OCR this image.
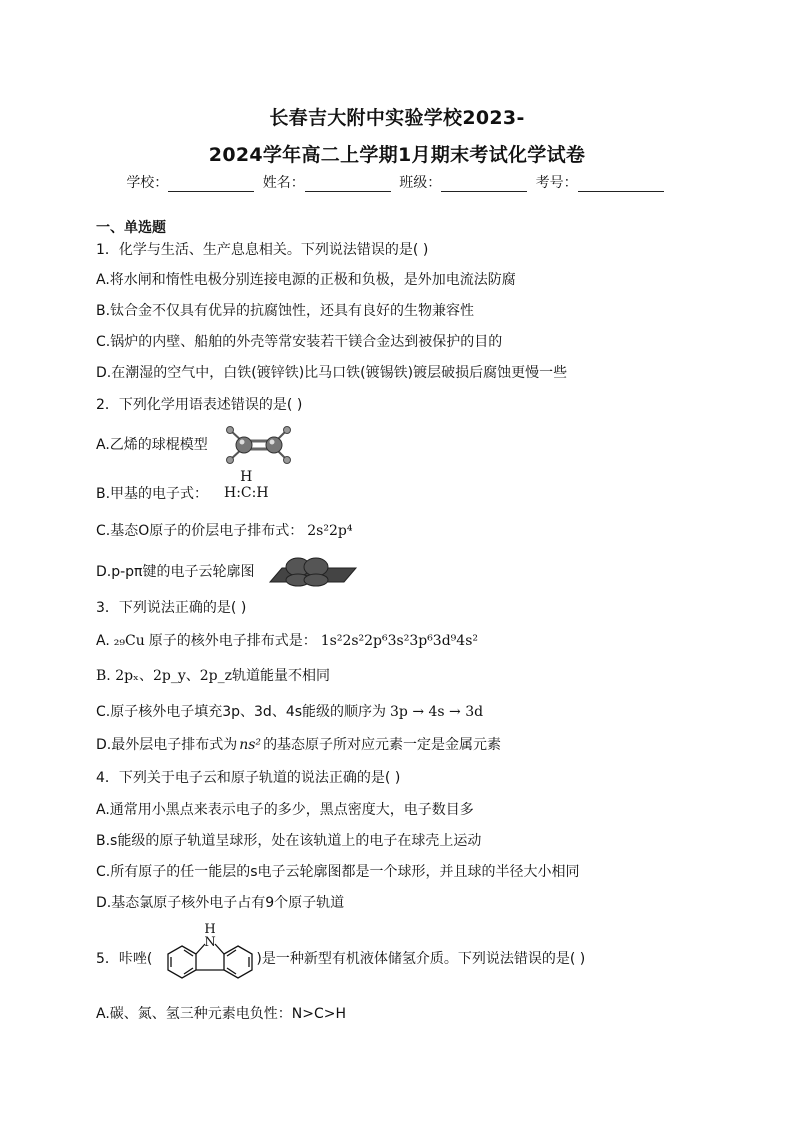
长春吉大附中实验学校2023-
2024学年高二上学期1月期末考试化学试卷
学校：	姓名：	班级：	考号：
一、单选题
1．化学与生活、生产息息相关。下列说法错误的是( )
A.将水闸和惰性电极分别连接电源的正极和负极，是外加电流法防腐
B.钛合金不仅具有优异的抗腐蚀性，还具有良好的生物兼容性
C.锅炉的内壁、船舶的外壳等常安装若干镁合金达到被保护的目的
D.在潮湿的空气中，白铁(镀锌铁)比马口铁(镀锡铁)镀层破损后腐蚀更慢一些
2．下列化学用语表述错误的是( )
A.乙烯的球棍模型
B.甲基的电子式：
H
H:C:H
C.基态O原子的价层电子排布式： 2s²2p⁴
D.p-pπ键的电子云轮廓图
3．下列说法正确的是( )
A. ₂₉Cu 原子的核外电子排布式是： 1s²2s²2p⁶3s²3p⁶3d⁹4s²
B. 2pₓ、2p_y、2p_z轨道能量不相同
C.原子核外电子填充3p、3d、4s能级的顺序为 3p → 4s → 3d
D.最外层电子排布式为 ns² 的基态原子所对应元素一定是金属元素
4．下列关于电子云和原子轨道的说法正确的是( )
A.通常用小黑点来表示电子的多少，黑点密度大，电子数目多
B.s能级的原子轨道呈球形，处在该轨道上的电子在球壳上运动
C.所有原子的任一能层的s电子云轮廓图都是一个球形，并且球的半径大小相同
D.基态氯原子核外电子占有9个原子轨道
5．咔唑(	)是一种新型有机液体储氢介质。下列说法错误的是( )
N
H
A.碳、氮、氢三种元素电负性：N>C>H
